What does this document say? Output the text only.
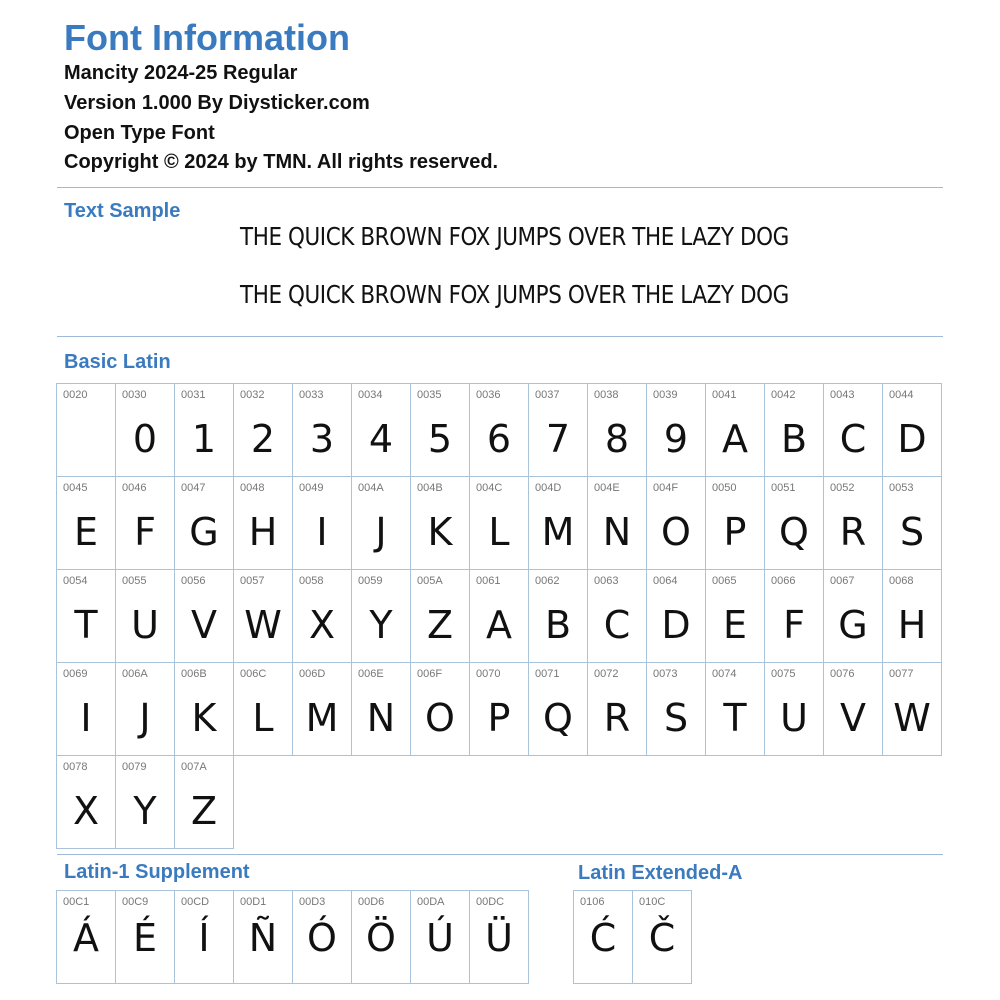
Font Information
Mancity 2024-25 Regular
Version 1.000 By Diysticker.com
Open Type Font
Copyright © 2024 by TMN. All rights reserved.
Text Sample
THE QUICK BROWN FOX JUMPS OVER THE LAZY DOG
THE QUICK BROWN FOX JUMPS OVER THE LAZY DOG
Basic Latin
0020	0030
0
0031
1
0032
2
0033
3
0034
4
0035
5
0036
6
0037
7
0038
8
0039
9
0041
A
0042
B
0043
C
0044
D
0045
E
0046
F
0047
G
0048
H
0049
I
004A
J
004B
K
004C
L
004D
M
004E
N
004F
O
0050
P
0051
Q
0052
R
0053
S
0054
T
0055
U
0056
V
0057
W
0058
X
0059
Y
005A
Z
0061
A
0062
B
0063
C
0064
D
0065
E
0066
F
0067
G
0068
H
0069
I
006A
J
006B
K
006C
L
006D
M
006E
N
006F
O
0070
P
0071
Q
0072
R
0073
S
0074
T
0075
U
0076
V
0077
W
0078
X
0079
Y
007A
Z
Latin-1 Supplement
00C1
Á
00C9
É
00CD
Í
00D1
Ñ
00D3
Ó
00D6
Ö
00DA
Ú
00DC
Ü
Latin Extended-A
0106
Ć
010C
Č
